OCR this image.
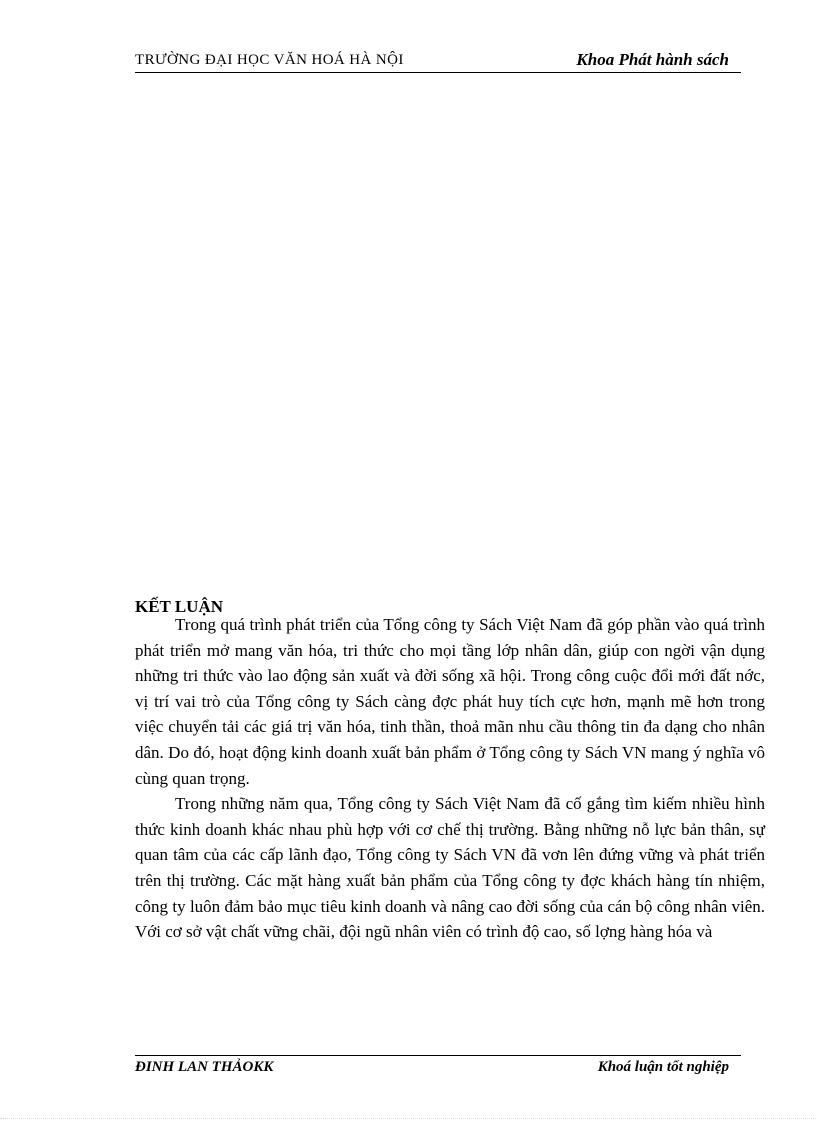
TRƯỜNG ĐẠI HỌC VĂN HOÁ HÀ NỘI	Khoa Phát hành sách
KẾT LUẬN

Trong quá trình phát triển của Tổng công ty Sách Việt Nam đã góp phần vào quá trình phát triển mở mang văn hóa, tri thức cho mọi tầng lớp nhân dân, giúp con ngời vận dụng những tri thức vào lao động sản xuất và đời sống xã hội. Trong công cuộc đổi mới đất nớc, vị trí vai trò của Tổng công ty Sách càng đợc phát huy tích cực hơn, mạnh mẽ hơn trong việc chuyển tải các giá trị văn hóa, tinh thần, thoả mãn nhu cầu thông tin đa dạng cho nhân dân. Do đó, hoạt động kinh doanh xuất bản phẩm ở Tổng công ty Sách VN mang ý nghĩa vô cùng quan trọng.

Trong những năm qua, Tổng công ty Sách Việt Nam đã cố gắng tìm kiếm nhiều hình thức kinh doanh khác nhau phù hợp với cơ chế thị trường. Bằng những nỗ lực bản thân, sự quan tâm của các cấp lãnh đạo, Tổng công ty Sách VN đã vơn lên đứng vững và phát triển trên thị trường. Các mặt hàng xuất bản phẩm của Tổng công ty đợc khách hàng tín nhiệm, công ty luôn đảm bảo mục tiêu kinh doanh và nâng cao đời sống của cán bộ công nhân viên. Với cơ sở vật chất vững chãi, đội ngũ nhân viên có trình độ cao, số lợng hàng hóa và

ĐINH LAN THẢOKK	Khoá luận tốt nghiệp
